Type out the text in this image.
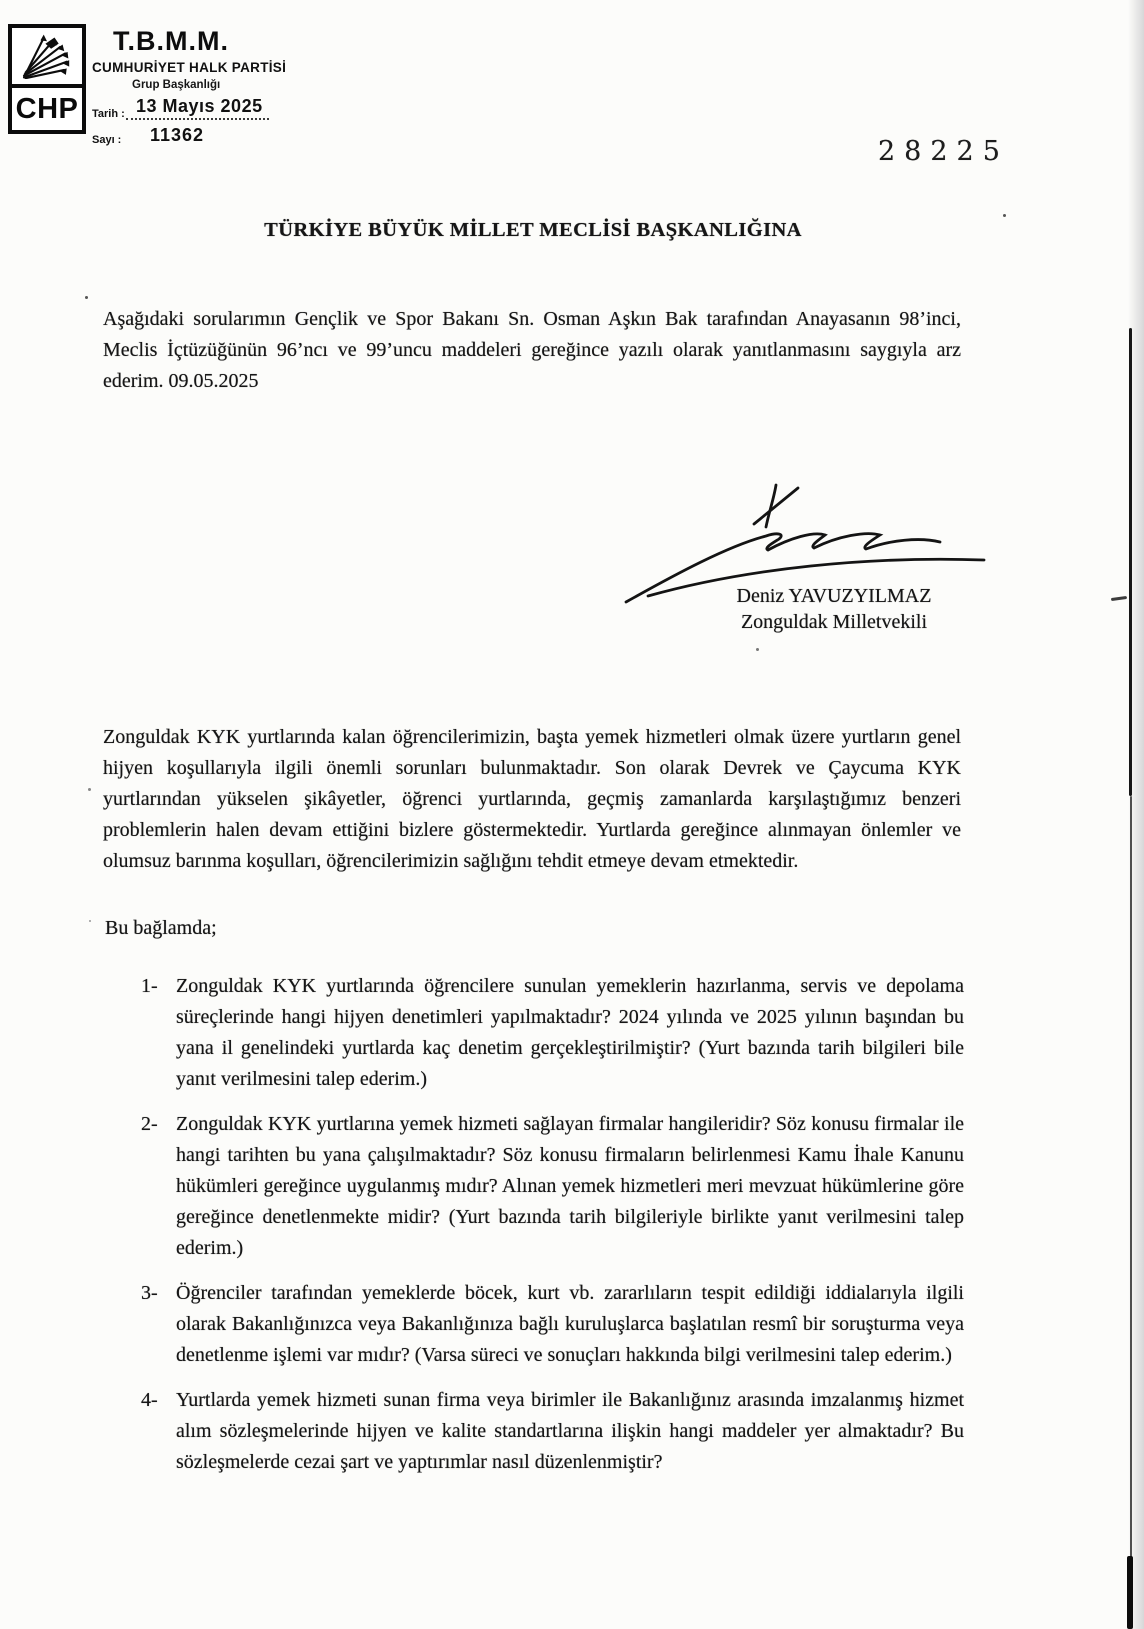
CHP
T.B.M.M.
CUMHURİYET HALK PARTİSİ
Grup Başkanlığı
Tarih : 13 Mayıs 2025
Sayı : 11362
28225
TÜRKİYE BÜYÜK MİLLET MECLİSİ BAŞKANLIĞINA
Aşağıdaki sorularımın Gençlik ve Spor Bakanı Sn. Osman Aşkın Bak tarafından Anayasanın 98’inci, Meclis İçtüzüğünün 96’ncı ve 99’uncu maddeleri gereğince yazılı olarak yanıtlanmasını saygıyla arz ederim. 09.05.2025
Deniz YAVUZYILMAZ
Zonguldak Milletvekili
Zonguldak KYK yurtlarında kalan öğrencilerimizin, başta yemek hizmetleri olmak üzere yurtların genel hijyen koşullarıyla ilgili önemli sorunları bulunmaktadır. Son olarak Devrek ve Çaycuma KYK yurtlarından yükselen şikâyetler, öğrenci yurtlarında, geçmiş zamanlarda karşılaştığımız benzeri problemlerin halen devam ettiğini bizlere göstermektedir. Yurtlarda gereğince alınmayan önlemler ve olumsuz barınma koşulları, öğrencilerimizin sağlığını tehdit etmeye devam etmektedir.
Bu bağlamda;
1- Zonguldak KYK yurtlarında öğrencilere sunulan yemeklerin hazırlanma, servis ve depolama süreçlerinde hangi hijyen denetimleri yapılmaktadır? 2024 yılında ve 2025 yılının başından bu yana il genelindeki yurtlarda kaç denetim gerçekleştirilmiştir? (Yurt bazında tarih bilgileri bile yanıt verilmesini talep ederim.)
2- Zonguldak KYK yurtlarına yemek hizmeti sağlayan firmalar hangileridir? Söz konusu firmalar ile hangi tarihten bu yana çalışılmaktadır? Söz konusu firmaların belirlenmesi Kamu İhale Kanunu hükümleri gereğince uygulanmış mıdır? Alınan yemek hizmetleri meri mevzuat hükümlerine göre gereğince denetlenmekte midir? (Yurt bazında tarih bilgileriyle birlikte yanıt verilmesini talep ederim.)
3- Öğrenciler tarafından yemeklerde böcek, kurt vb. zararlıların tespit edildiği iddialarıyla ilgili olarak Bakanlığınızca veya Bakanlığınıza bağlı kuruluşlarca başlatılan resmî bir soruşturma veya denetlenme işlemi var mıdır? (Varsa süreci ve sonuçları hakkında bilgi verilmesini talep ederim.)
4- Yurtlarda yemek hizmeti sunan firma veya birimler ile Bakanlığınız arasında imzalanmış hizmet alım sözleşmelerinde hijyen ve kalite standartlarına ilişkin hangi maddeler yer almaktadır? Bu sözleşmelerde cezai şart ve yaptırımlar nasıl düzenlenmiştir?
